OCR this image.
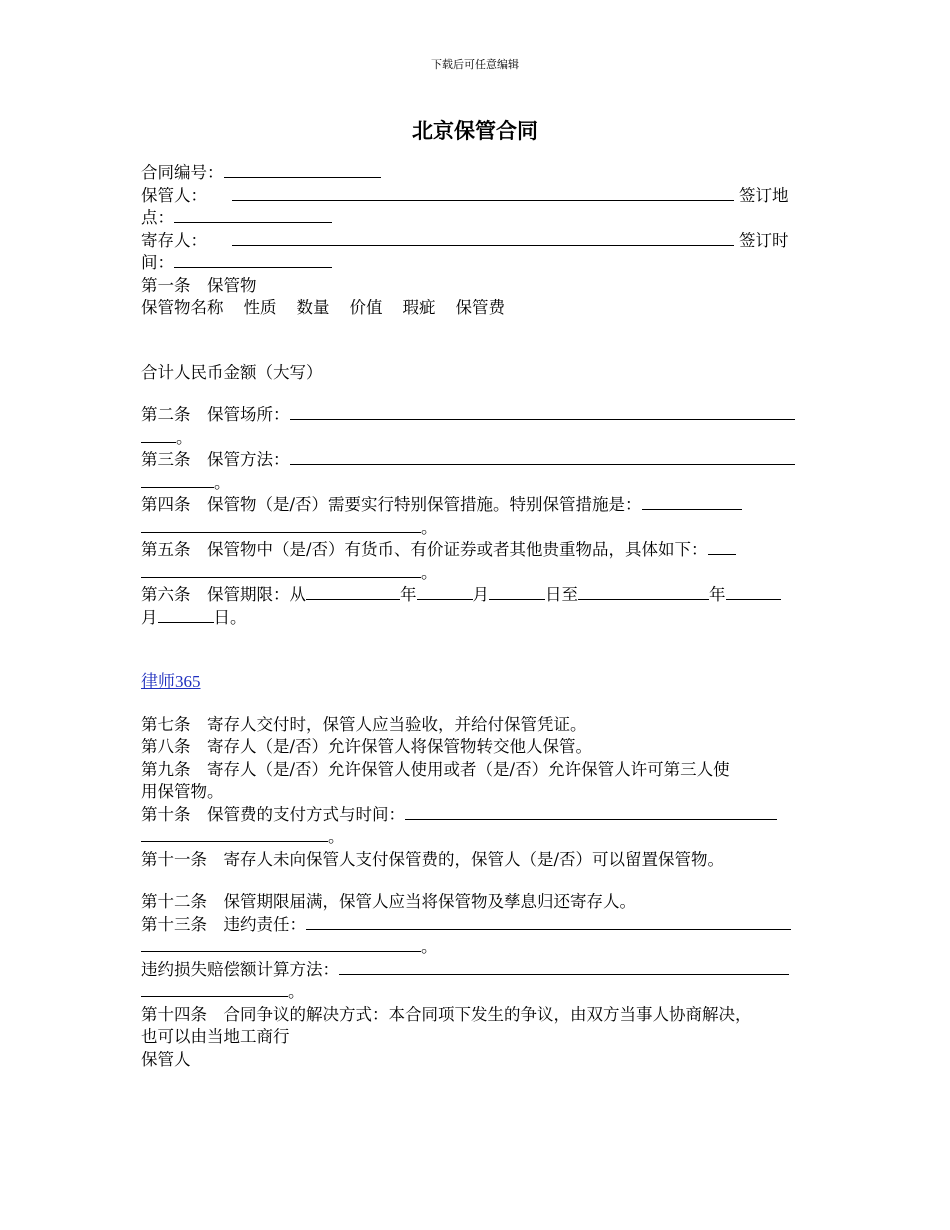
下载后可任意编辑
北京保管合同
合同编号：
保管人：	签订地
点：
寄存人：	签订时
间：
第一条　保管物
保管物名称 性质 数量 价值 瑕疵 保管费
合计人民币金额（大写）
第二条　保管场所：
。
第三条　保管方法：
。
第四条　保管物（是/否）需要实行特别保管措施。特别保管措施是：
。
第五条　保管物中（是/否）有货币、有价证券或者其他贵重物品，具体如下：
。
第六条　保管期限：从	年	月	日至	年
月	日。
律师365
第七条　寄存人交付时，保管人应当验收，并给付保管凭证。
第八条　寄存人（是/否）允许保管人将保管物转交他人保管。
第九条　寄存人（是/否）允许保管人使用或者（是/否）允许保管人许可第三人使
用保管物。
第十条　保管费的支付方式与时间：
。
第十一条　寄存人未向保管人支付保管费的，保管人（是/否）可以留置保管物。
第十二条　保管期限届满，保管人应当将保管物及孳息归还寄存人。
第十三条　违约责任：
。
违约损失赔偿额计算方法：
。
第十四条　合同争议的解决方式：本合同项下发生的争议，由双方当事人协商解决，
也可以由当地工商行
保管人
